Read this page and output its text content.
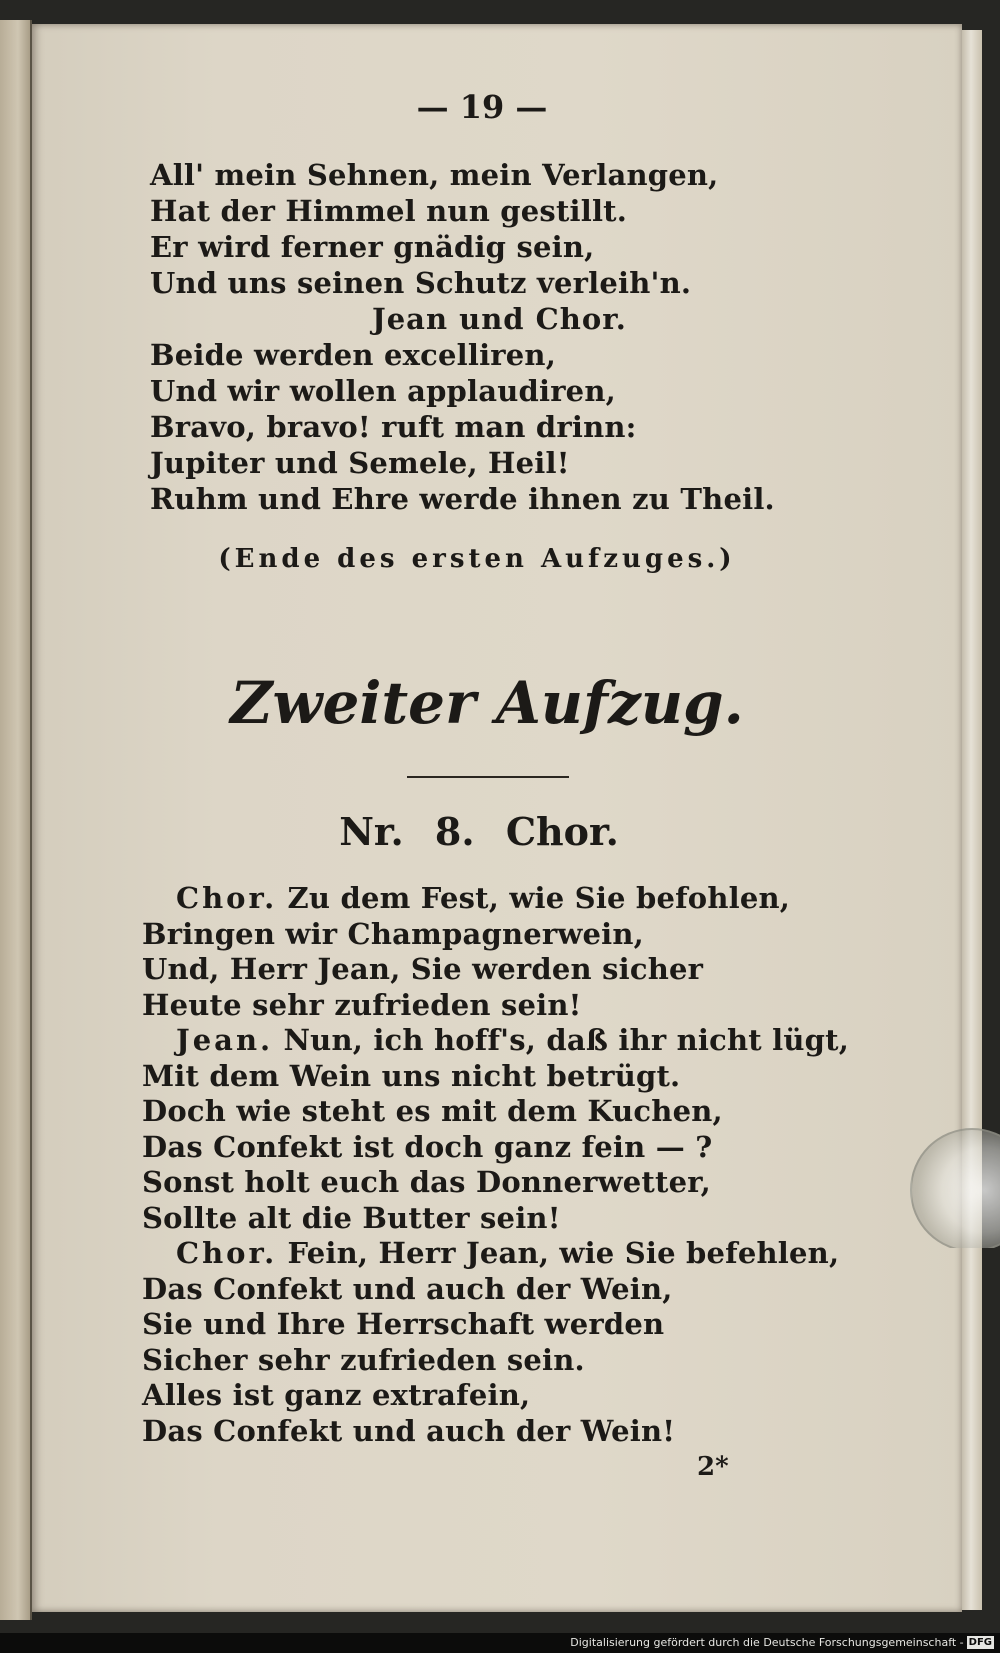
— 19 —
All' mein Sehnen, mein Verlangen,
Hat der Himmel nun gestillt.
Er wird ferner gnädig sein,
Und uns seinen Schutz verleih'n.
Jean und Chor.
Beide werden excelliren,
Und wir wollen applaudiren,
Bravo, bravo! ruft man drinn:
Jupiter und Semele, Heil!
Ruhm und Ehre werde ihnen zu Theil.
(Ende des ersten Aufzuges.)
Zweiter Aufzug.
Nr. 8. Chor.
Chor. Zu dem Fest, wie Sie befohlen,
Bringen wir Champagnerwein,
Und, Herr Jean, Sie werden sicher
Heute sehr zufrieden sein!
Jean. Nun, ich hoff's, daß ihr nicht lügt,
Mit dem Wein uns nicht betrügt.
Doch wie steht es mit dem Kuchen,
Das Confekt ist doch ganz fein — ?
Sonst holt euch das Donnerwetter,
Sollte alt die Butter sein!
Chor. Fein, Herr Jean, wie Sie befehlen,
Das Confekt und auch der Wein,
Sie und Ihre Herrschaft werden
Sicher sehr zufrieden sein.
Alles ist ganz extrafein,
Das Confekt und auch der Wein!
2*
Digitalisierung gefördert durch die Deutsche Forschungsgemeinschaft - DFG
